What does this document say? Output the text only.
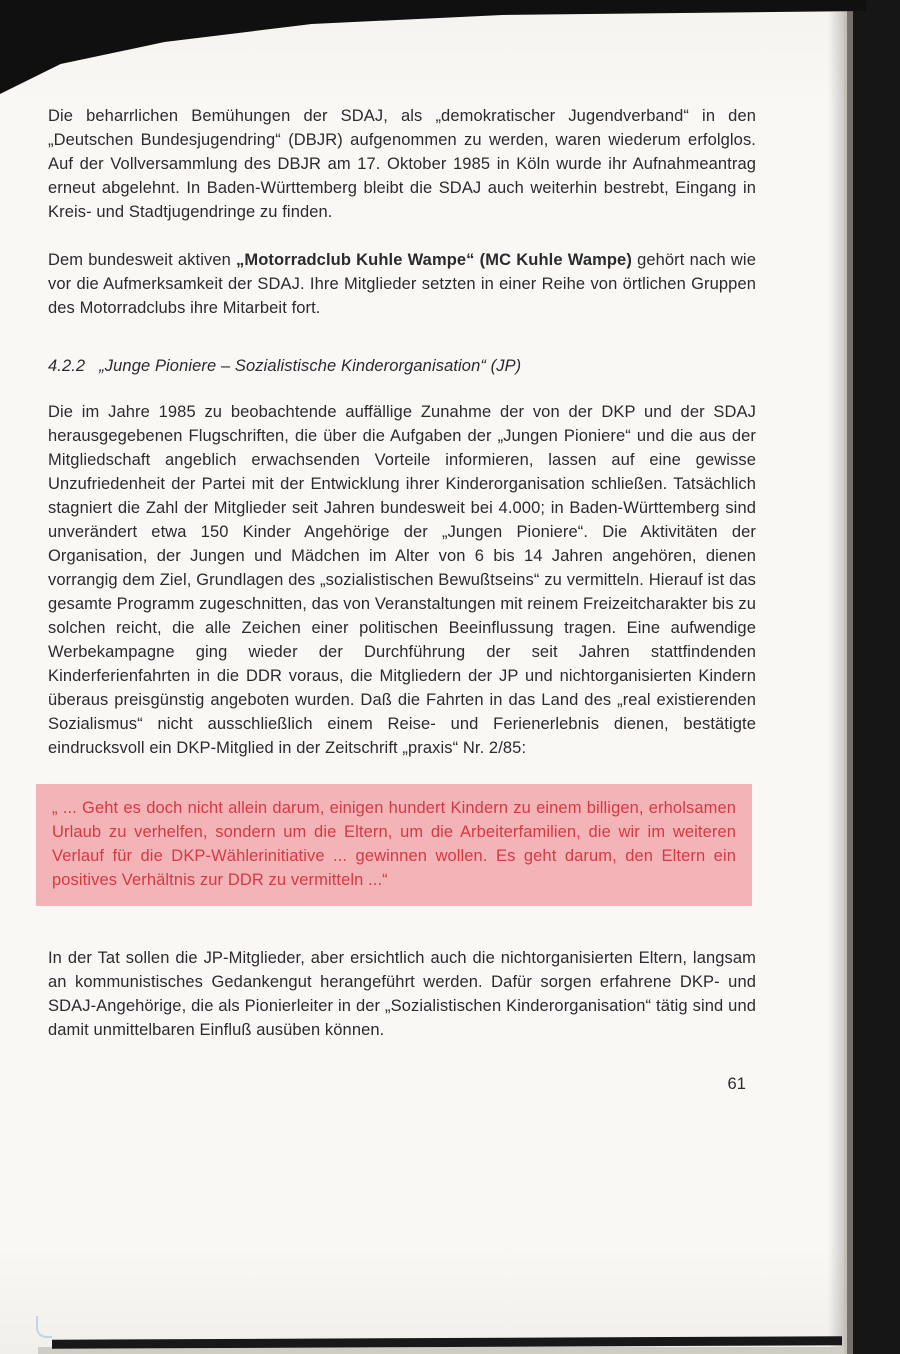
Die beharrlichen Bemühungen der SDAJ, als „demokratischer Jugendverband“ in den „Deutschen Bundesjugendring“ (DBJR) aufgenommen zu werden, waren wiederum erfolglos. Auf der Vollversammlung des DBJR am 17. Oktober 1985 in Köln wurde ihr Aufnahmeantrag erneut abgelehnt. In Baden-Württemberg bleibt die SDAJ auch weiterhin bestrebt, Eingang in Kreis- und Stadtjugendringe zu finden.

Dem bundesweit aktiven „Motorradclub Kuhle Wampe“ (MC Kuhle Wampe) gehört nach wie vor die Aufmerksamkeit der SDAJ. Ihre Mitglieder setzten in einer Reihe von örtlichen Gruppen des Motorradclubs ihre Mitarbeit fort.

4.2.2 „Junge Pioniere – Sozialistische Kinderorganisation“ (JP)

Die im Jahre 1985 zu beobachtende auffällige Zunahme der von der DKP und der SDAJ herausgegebenen Flugschriften, die über die Aufgaben der „Jungen Pioniere“ und die aus der Mitgliedschaft angeblich erwachsenden Vorteile informieren, lassen auf eine gewisse Unzufriedenheit der Partei mit der Entwicklung ihrer Kinderorganisation schließen. Tatsächlich stagniert die Zahl der Mitglieder seit Jahren bundesweit bei 4.000; in Baden-Württemberg sind unverändert etwa 150 Kinder Angehörige der „Jungen Pioniere“. Die Aktivitäten der Organisation, der Jungen und Mädchen im Alter von 6 bis 14 Jahren angehören, dienen vorrangig dem Ziel, Grundlagen des „sozialistischen Bewußtseins“ zu vermitteln. Hierauf ist das gesamte Programm zugeschnitten, das von Veranstaltungen mit reinem Freizeitcharakter bis zu solchen reicht, die alle Zeichen einer politischen Beeinflussung tragen. Eine aufwendige Werbekampagne ging wieder der Durchführung der seit Jahren stattfindenden Kinderferienfahrten in die DDR voraus, die Mitgliedern der JP und nichtorganisierten Kindern überaus preisgünstig angeboten wurden. Daß die Fahrten in das Land des „real existierenden Sozialismus“ nicht ausschließlich einem Reise- und Ferienerlebnis dienen, bestätigte eindrucksvoll ein DKP-Mitglied in der Zeitschrift „praxis“ Nr. 2/85:

„ ... Geht es doch nicht allein darum, einigen hundert Kindern zu einem billigen, erholsamen Urlaub zu verhelfen, sondern um die Eltern, um die Arbeiterfamilien, die wir im weiteren Verlauf für die DKP-Wählerinitiative ... gewinnen wollen. Es geht darum, den Eltern ein positives Verhältnis zur DDR zu vermitteln ...“

In der Tat sollen die JP-Mitglieder, aber ersichtlich auch die nichtorganisierten Eltern, langsam an kommunistisches Gedankengut herangeführt werden. Dafür sorgen erfahrene DKP- und SDAJ-Angehörige, die als Pionierleiter in der „Sozialistischen Kinderorganisation“ tätig sind und damit unmittelbaren Einfluß ausüben können.

61
